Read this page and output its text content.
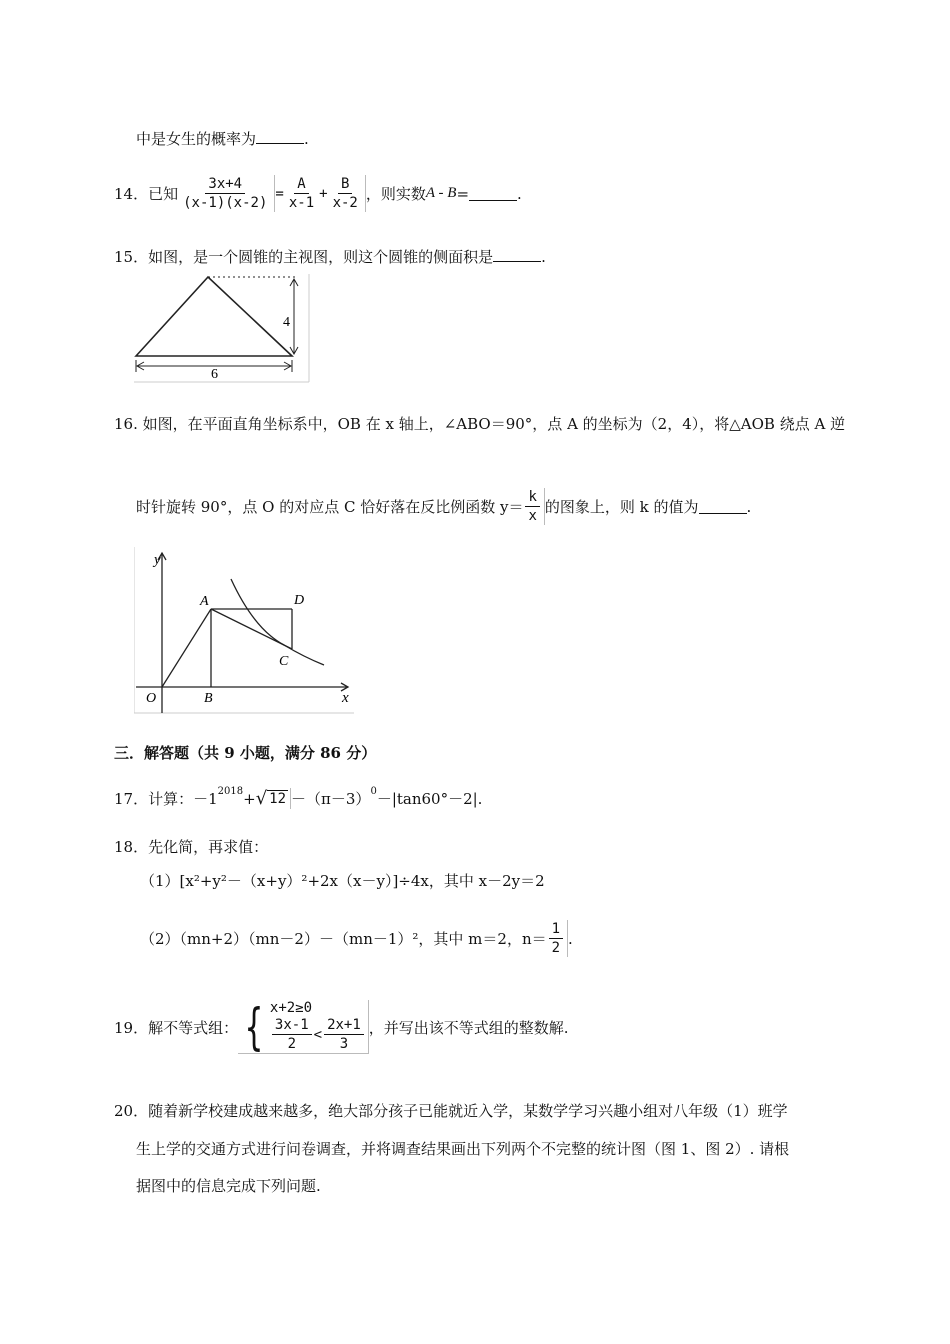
中是女生的概率为	.
14． 已知 $\frac{3x+4}{(x-1)(x-2)} = \frac{A}{x-1} + \frac{B}{x-2}$ ，则实数 A - B =	.
15．如图，是一个圆锥的主视图，则这个圆锥的侧面积是	.
4
6
16. 如图，在平面直角坐标系中，OB 在 x 轴上，∠ABO＝90°，点 A 的坐标为（2，4），将△AOB 绕点 A 逆
时针旋转 90°，点 O 的对应点 C 恰好落在反比例函数 $y= \frac{k}{x}$ 的图象上，则 k 的值为	.
y
x
A	D
C
O	B
三．解答题（共 9 小题，满分 86 分）
17． 计算： －1 2018 + √ 12 －（π－3） 0 －|tan60°－2|.
18．先化简，再求值：
（1）[x²+y²－（x+y）²+2x（x－y）]÷4x，其中 x－2y＝2
（2）（mn+2）（mn－2）－（mn－1）²，其中 m＝2，$n= \frac{1}{2}$ .
19． 解不等式组： { x+2≥0
$\frac{3x-1}{2} < \frac{2x+1}{3}$ ，并写出该不等式组的整数解.
20．随着新学校建成越来越多，绝大部分孩子已能就近入学，某数学学习兴趣小组对八年级（1）班学
生上学的交通方式进行问卷调查，并将调查结果画出下列两个不完整的统计图（图 1、图 2）. 请根
据图中的信息完成下列问题.
